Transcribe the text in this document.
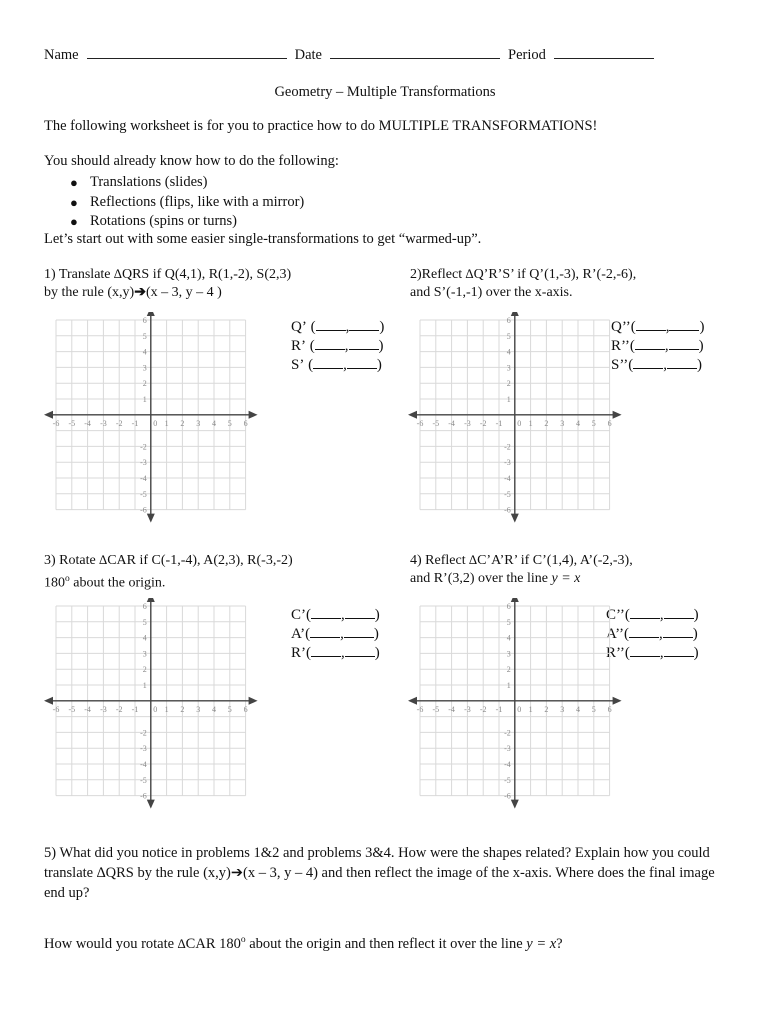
Name	Date	Period
Geometry – Multiple Transformations
The following worksheet is for you to practice how to do MULTIPLE TRANSFORMATIONS!
You should already know how to do the following:
● Translations (slides)
● Reflections (flips, like with a mirror)
● Rotations (spins or turns)
Let’s start out with some easier single-transformations to get “warmed-up”.
1) Translate ∆QRS if Q(4,1), R(1,-2), S(2,3)
by the rule (x,y)➔(x – 3, y – 4 )
2)Reflect ∆Q’R’S’ if Q’(1,-3), R’(-2,-6),
and S’(-1,-1) over the x-axis.
3) Rotate ∆CAR if C(-1,-4), A(2,3), R(-3,-2)
180$^o$ about the origin.
4) Reflect ∆C’A’R’ if C’(1,4), A’(-2,-3),
and R’(3,2) over the line y = x
Q’ ( , )
R’ ( , )
S’ ( , )
Q’’( , )
R’’( , )
S’’( , )
C’( , )
A’( , )
R’( , )
C’’( , )
A’’( , )
R’’( , )
-6 -5 -4 -3 -2 -1 0 1 2 3 4 5 6
6
5
4
3
2
1
-2
-3
-4
-5
-6
-6 -5 -4 -3 -2 -1 0 1 2 3 4 5 6
6
5
4
3
2
1
-2
-3
-4
-5
-6
-6 -5 -4 -3 -2 -1 0 1 2 3 4 5 6
6
5
4
3
2
1
-2
-3
-4
-5
-6
-6 -5 -4 -3 -2 -1 0 1 2 3 4 5 6
6
5
4
3
2
1
-2
-3
-4
-5
-6
5) What did you notice in problems 1&2 and problems 3&4. How were the shapes related? Explain how you could translate ∆QRS by the rule (x,y)➔(x – 3, y – 4) and then reflect the image of the x-axis. Where does the final image end up?
How would you rotate ∆CAR 180$^o$ about the origin and then reflect it over the line y = x?
